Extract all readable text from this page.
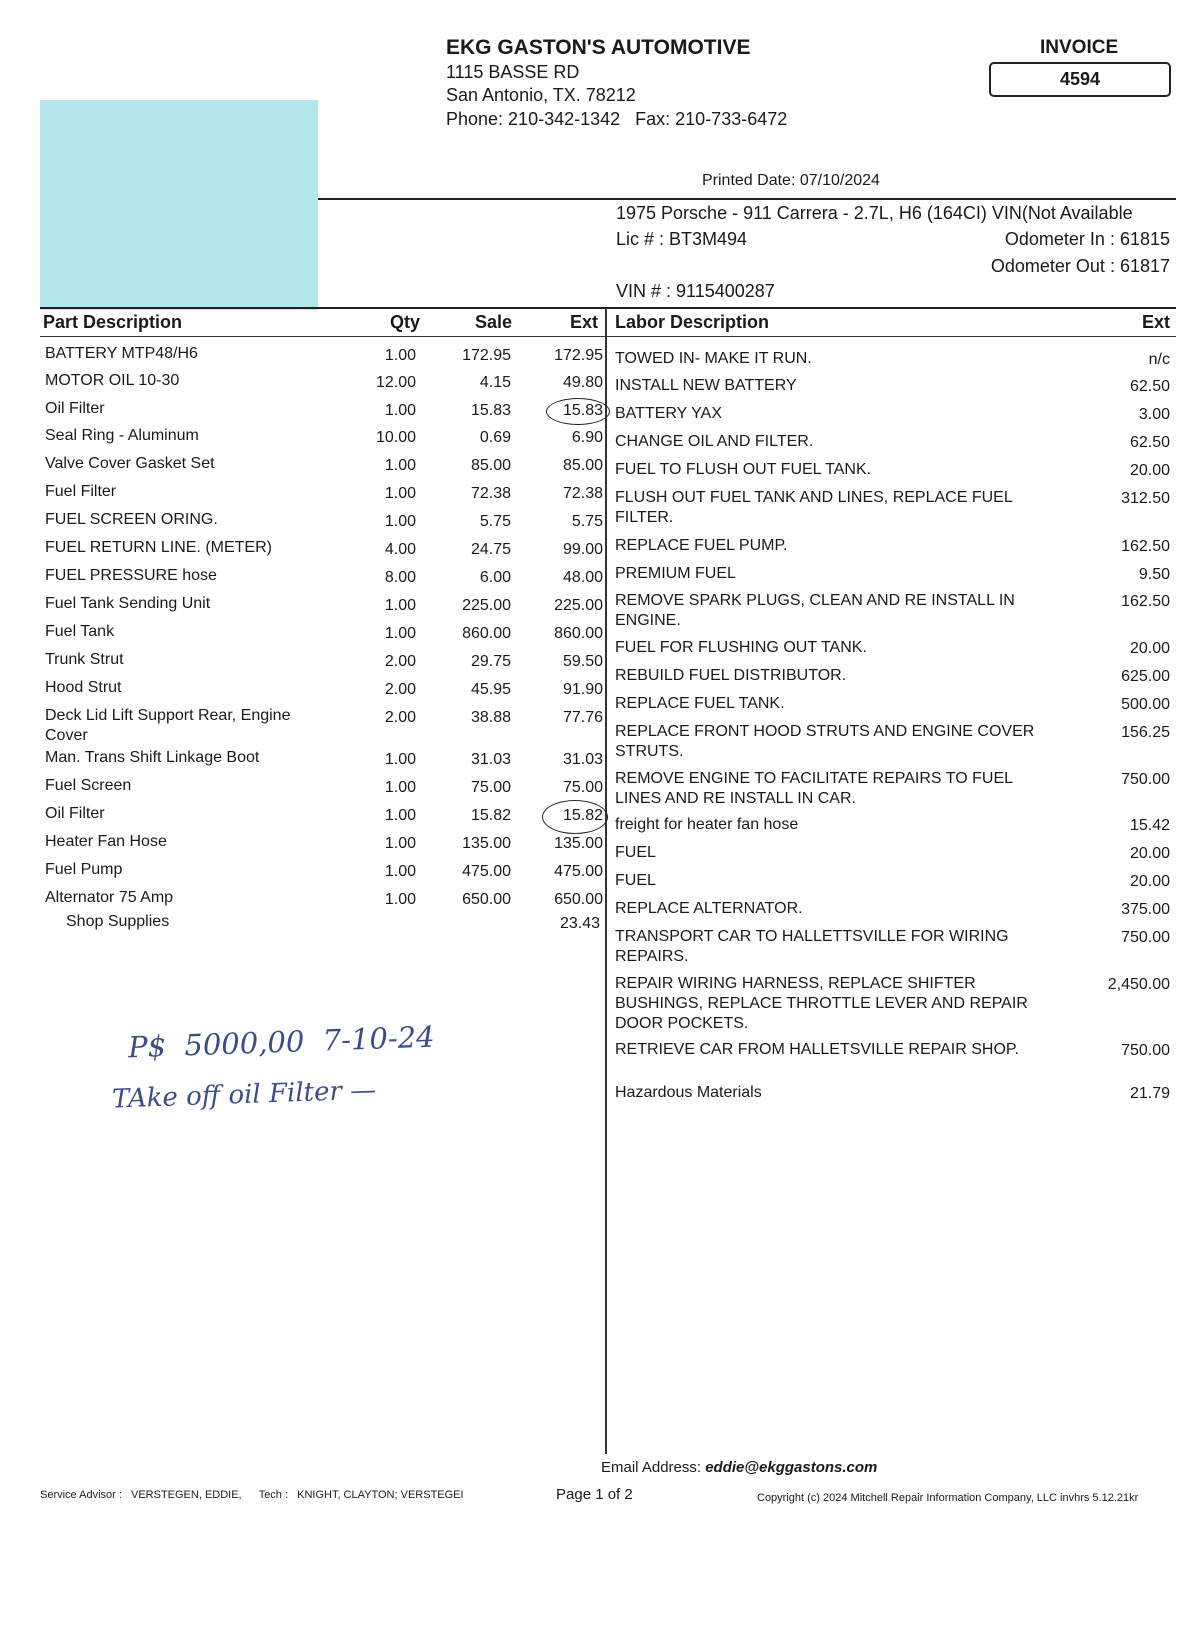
EKG GASTON'S AUTOMOTIVE
1115 BASSE RD
San Antonio, TX. 78212
Phone: 210-342-1342   Fax: 210-733-6472
INVOICE
4594
Printed Date: 07/10/2024
1975 Porsche - 911 Carrera - 2.7L, H6 (164CI) VIN(Not Available
Lic # : BT3M494	Odometer In : 61815
Odometer Out : 61817
VIN # : 9115400287
Part Description	Qty	Sale	Ext Labor Description	Ext
BATTERY MTP48/H6	1.00	172.95	172.95
MOTOR OIL 10-30	12.00	4.15	49.80
Oil Filter	1.00	15.83	15.83
Seal Ring - Aluminum	10.00	0.69	6.90
Valve Cover Gasket Set	1.00	85.00	85.00
Fuel Filter	1.00	72.38	72.38
FUEL SCREEN ORING.	1.00	5.75	5.75
FUEL RETURN LINE. (METER)	4.00	24.75	99.00
FUEL PRESSURE hose	8.00	6.00	48.00
Fuel Tank Sending Unit	1.00	225.00	225.00
Fuel Tank	1.00	860.00	860.00
Trunk Strut	2.00	29.75	59.50
Hood Strut	2.00	45.95	91.90
Deck Lid Lift Support Rear, Engine
Cover
2.00	38.88	77.76
Man. Trans Shift Linkage Boot	1.00	31.03	31.03
Fuel Screen	1.00	75.00	75.00
Oil Filter	1.00	15.82	15.82
Heater Fan Hose	1.00	135.00	135.00
Fuel Pump	1.00	475.00	475.00
Alternator 75 Amp	1.00	650.00	650.00
Shop Supplies	23.43
TOWED IN- MAKE IT RUN.	n/c
INSTALL NEW BATTERY	62.50
BATTERY YAX	3.00
CHANGE OIL AND FILTER.	62.50
FUEL TO FLUSH OUT FUEL TANK.	20.00
FLUSH OUT FUEL TANK AND LINES, REPLACE FUEL FILTER.
312.50
REPLACE FUEL PUMP.	162.50
PREMIUM FUEL	9.50
REMOVE SPARK PLUGS, CLEAN AND RE INSTALL IN ENGINE.
162.50
FUEL FOR FLUSHING OUT TANK.	20.00
REBUILD FUEL DISTRIBUTOR.	625.00
REPLACE FUEL TANK.	500.00
REPLACE FRONT HOOD STRUTS AND ENGINE COVER STRUTS.
156.25
REMOVE ENGINE TO FACILITATE REPAIRS TO FUEL LINES AND RE INSTALL IN CAR.
750.00
freight for heater fan hose	15.42
FUEL	20.00
FUEL	20.00
REPLACE ALTERNATOR.	375.00
TRANSPORT CAR TO HALLETTSVILLE FOR WIRING REPAIRS.
750.00
REPAIR WIRING HARNESS, REPLACE SHIFTER BUSHINGS, REPLACE THROTTLE LEVER AND REPAIR DOOR POCKETS.
2,450.00
RETRIEVE CAR FROM HALLETSVILLE REPAIR SHOP.	750.00
Hazardous Materials	21.79
P$  5000,00  7-10-24
TAke off oil Filter —
Email Address: eddie@ekggastons.com
Service Advisor : VERSTEGEN, EDDIE, Tech : KNIGHT, CLAYTON; VERSTEGEI	Page 1 of 2	Copyright (c) 2024 Mitchell Repair Information Company, LLC invhrs 5.12.21kr
